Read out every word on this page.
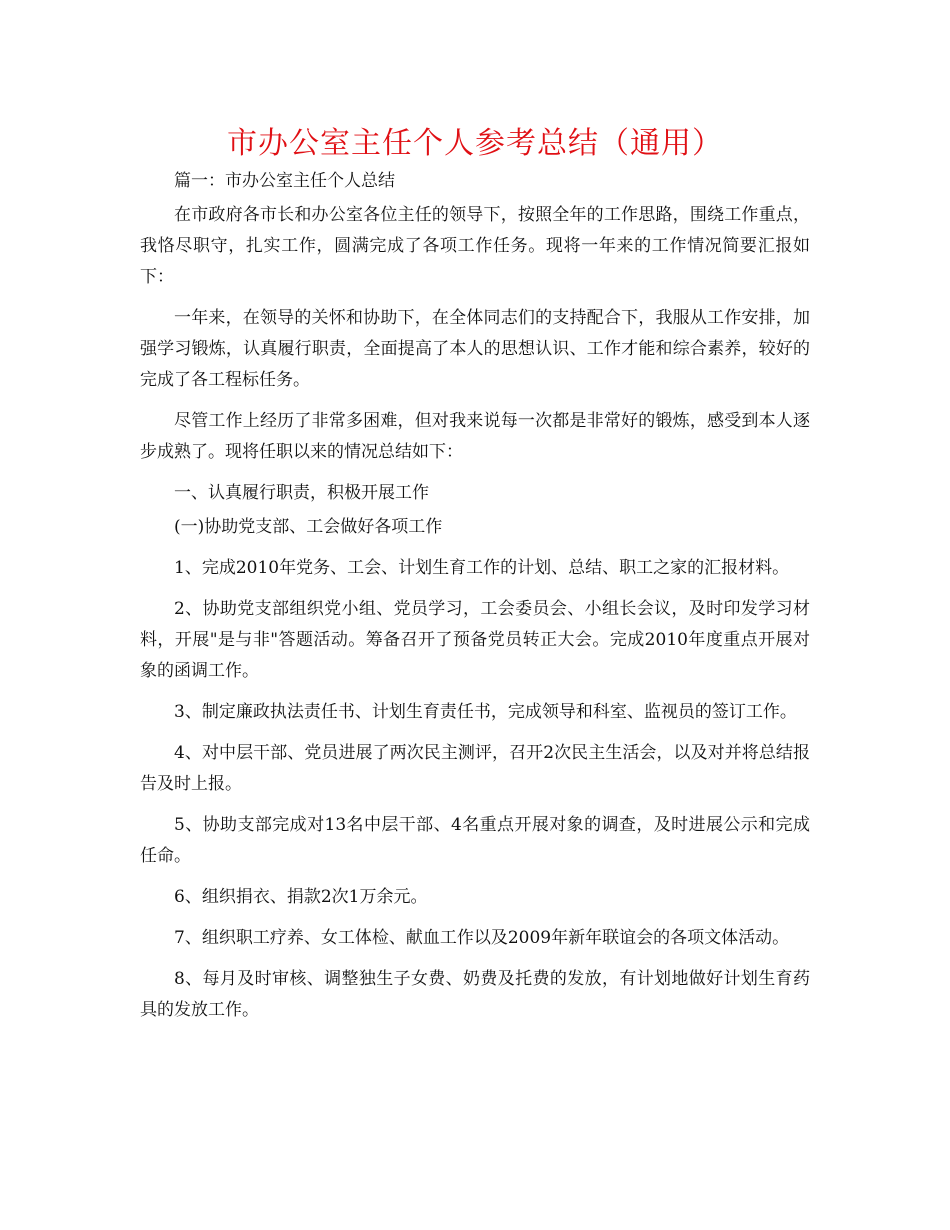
市办公室主任个人参考总结（通用）

篇一：市办公室主任个人总结

在市政府各市长和办公室各位主任的领导下，按照全年的工作思路，围绕工作重点，我恪尽职守，扎实工作，圆满完成了各项工作任务。现将一年来的工作情况简要汇报如下：

一年来，在领导的关怀和协助下，在全体同志们的支持配合下，我服从工作安排，加强学习锻炼，认真履行职责，全面提高了本人的思想认识、工作才能和综合素养，较好的完成了各工程标任务。

尽管工作上经历了非常多困难，但对我来说每一次都是非常好的锻炼，感受到本人逐步成熟了。现将任职以来的情况总结如下：

一、认真履行职责，积极开展工作

(一)协助党支部、工会做好各项工作

1、完成2010年党务、工会、计划生育工作的计划、总结、职工之家的汇报材料。

2、协助党支部组织党小组、党员学习，工会委员会、小组长会议，及时印发学习材料，开展"是与非"答题活动。筹备召开了预备党员转正大会。完成2010年度重点开展对象的函调工作。

3、制定廉政执法责任书、计划生育责任书，完成领导和科室、监视员的签订工作。

4、对中层干部、党员进展了两次民主测评，召开2次民主生活会，以及对并将总结报告及时上报。

5、协助支部完成对13名中层干部、4名重点开展对象的调查，及时进展公示和完成任命。

6、组织捐衣、捐款2次1万余元。

7、组织职工疗养、女工体检、献血工作以及2009年新年联谊会的各项文体活动。

8、每月及时审核、调整独生子女费、奶费及托费的发放，有计划地做好计划生育药具的发放工作。
